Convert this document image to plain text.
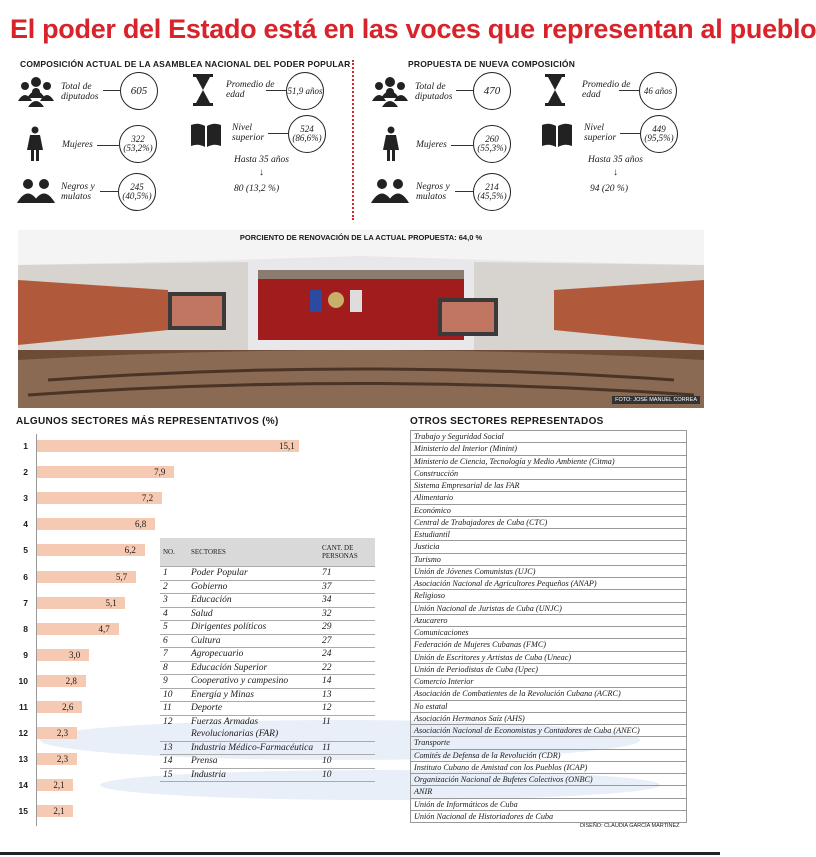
El poder del Estado está en las voces que representan al pueblo
COMPOSICIÓN ACTUAL DE LA ASAMBLEA NACIONAL DEL PODER POPULAR
Total de diputados
605	Promedio de edad	51,9 años
Mujeres
322 (53,2%)
Nivel superior
524 (86,6%)
Hasta 35 años
↓
80 (13,2 %)
Negros y mulatos
245 (40,5%)
PROPUESTA DE NUEVA COMPOSICIÓN
Total de diputados
470	Promedio de edad	46 años
Mujeres
260 (55,3%)
Nivel superior
449 (95,5%)
Hasta 35 años
↓
94 (20 %)
Negros y mulatos
214 (45,5%)
PORCIENTO DE RENOVACIÓN DE LA ACTUAL PROPUESTA: 64,0 %
FOTO: JOSÉ MANUEL CORREA
ALGUNOS SECTORES MÁS REPRESENTATIVOS (%)
1	15,1
2	7,9
3	7,2
4	6,8
5	6,2
6	5,7
7	5,1
8	4,7
9	3,0
10	2,8
11	2,6
12	2,3
13	2,3
14	2,1
15	2,1
NO.	SECTORES	CANT. DE PERSONAS
1	Poder Popular	71
2	Gobierno	37
3	Educación	34
4	Salud	32
5	Dirigentes políticos	29
6	Cultura	27
7	Agropecuario	24
8	Educación Superior	22
9	Cooperativo y campesino	14
10	Energía y Minas	13
11	Deporte	12
12	Fuerzas Armadas Revolucionarias (FAR)	11
13	Industria Médico-Farmacéutica	11
14	Prensa	10
15	Industria	10
OTROS SECTORES REPRESENTADOS
Trabajo y Seguridad Social
Ministerio del Interior (Minint)
Ministerio de Ciencia, Tecnología y Medio Ambiente (Citma)
Construcción
Sistema Empresarial de las FAR
Alimentario
Económico
Central de Trabajadores de Cuba (CTC)
Estudiantil
Justicia
Turismo
Unión de Jóvenes Comunistas (UJC)
Asociación Nacional de Agricultores Pequeños (ANAP)
Religioso
Unión Nacional de Juristas de Cuba (UNJC)
Azucarero
Comunicaciones
Federación de Mujeres Cubanas (FMC)
Unión de Escritores y Artistas de Cuba (Uneac)
Unión de Periodistas de Cuba (Upec)
Comercio Interior
Asociación de Combatientes de la Revolución Cubana (ACRC)
No estatal
Asociación Hermanos Saíz (AHS)
Asociación Nacional de Economistas y Contadores de Cuba (ANEC)
Transporte
Comités de Defensa de la Revolución (CDR)
Instituto Cubano de Amistad con los Pueblos (ICAP)
Organización Nacional de Bufetes Colectivos (ONBC)
ANIR
Unión de Informáticos de Cuba
Unión Nacional de Historiadores de Cuba
DISEÑO: CLAUDIA GARCÍA MARTÍNEZ
